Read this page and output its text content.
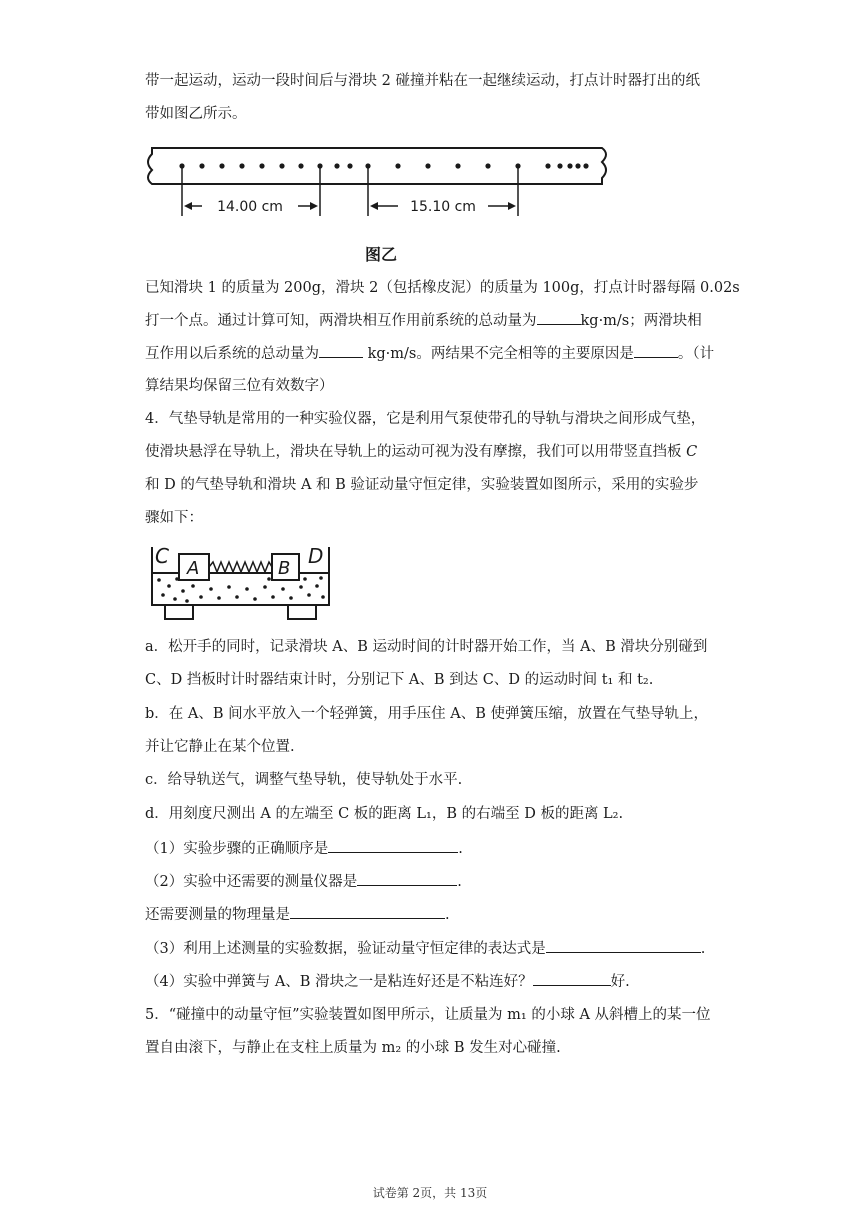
带一起运动，运动一段时间后与滑块 2 碰撞并粘在一起继续运动，打点计时器打出的纸
带如图乙所示。
14.00 cm	15.10 cm
图乙
已知滑块 1 的质量为 200g，滑块 2（包括橡皮泥）的质量为 100g，打点计时器每隔 0.02s
打一个点。通过计算可知，两滑块相互作用前系统的总动量为	kg·m/s；两滑块相
互作用以后系统的总动量为	kg·m/s。两结果不完全相等的主要原因是	。（计
算结果均保留三位有效数字）
4．气垫导轨是常用的一种实验仪器，它是利用气泵使带孔的导轨与滑块之间形成气垫，
使滑块悬浮在导轨上，滑块在导轨上的运动可视为没有摩擦，我们可以用带竖直挡板 C
和 D 的气垫导轨和滑块 A 和 B 验证动量守恒定律，实验装置如图所示，采用的实验步
骤如下：
C	D
A	B
a．松开手的同时，记录滑块 A、B 运动时间的计时器开始工作，当 A、B 滑块分别碰到
C、D 挡板时计时器结束计时，分别记下 A、B 到达 C、D 的运动时间 t₁ 和 t₂.
b．在 A、B 间水平放入一个轻弹簧，用手压住 A、B 使弹簧压缩，放置在气垫导轨上，
并让它静止在某个位置.
c．给导轨送气，调整气垫导轨，使导轨处于水平.
d．用刻度尺测出 A 的左端至 C 板的距离 L₁，B 的右端至 D 板的距离 L₂.
（1）实验步骤的正确顺序是	.
（2）实验中还需要的测量仪器是	.
还需要测量的物理量是	.
（3）利用上述测量的实验数据，验证动量守恒定律的表达式是	.
（4）实验中弹簧与 A、B 滑块之一是粘连好还是不粘连好？	好.
5．“碰撞中的动量守恒”实验装置如图甲所示，让质量为 m₁ 的小球 A 从斜槽上的某一位
置自由滚下，与静止在支柱上质量为 m₂ 的小球 B 发生对心碰撞.
试卷第 2页，共 13页
